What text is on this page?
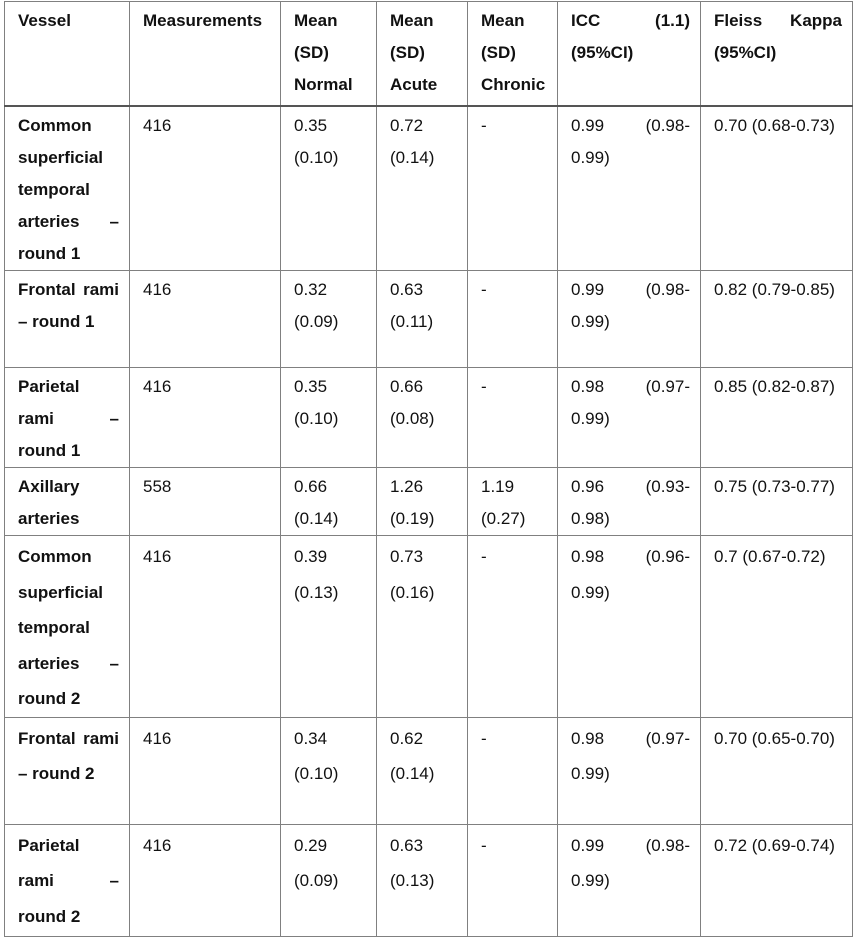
Vessel	Measurements	Mean (SD) Normal	Mean (SD) Acute	Mean (SD) Chronic	ICC (1.1) (95%CI)	Fleiss Kappa (95%CI)
Common superficial temporal arteries – round 1	416	0.35 (0.10)	0.72 (0.14)	-	0.99 (0.98-0.99)	0.70 (0.68-0.73)
Frontal rami – round 1	416	0.32 (0.09)	0.63 (0.11)	-	0.99 (0.98-0.99)	0.82 (0.79-0.85)
Parietal rami – round 1	416	0.35 (0.10)	0.66 (0.08)	-	0.98 (0.97-0.99)	0.85 (0.82-0.87)
Axillary arteries	558	0.66 (0.14)	1.26 (0.19)	1.19 (0.27)	0.96 (0.93-0.98)	0.75 (0.73-0.77)
Common superficial temporal arteries – round 2	416	0.39 (0.13)	0.73 (0.16)	-	0.98 (0.96-0.99)	0.7 (0.67-0.72)
Frontal rami – round 2	416	0.34 (0.10)	0.62 (0.14)	-	0.98 (0.97-0.99)	0.70 (0.65-0.70)
Parietal rami – round 2	416	0.29 (0.09)	0.63 (0.13)	-	0.99 (0.98-0.99)	0.72 (0.69-0.74)
